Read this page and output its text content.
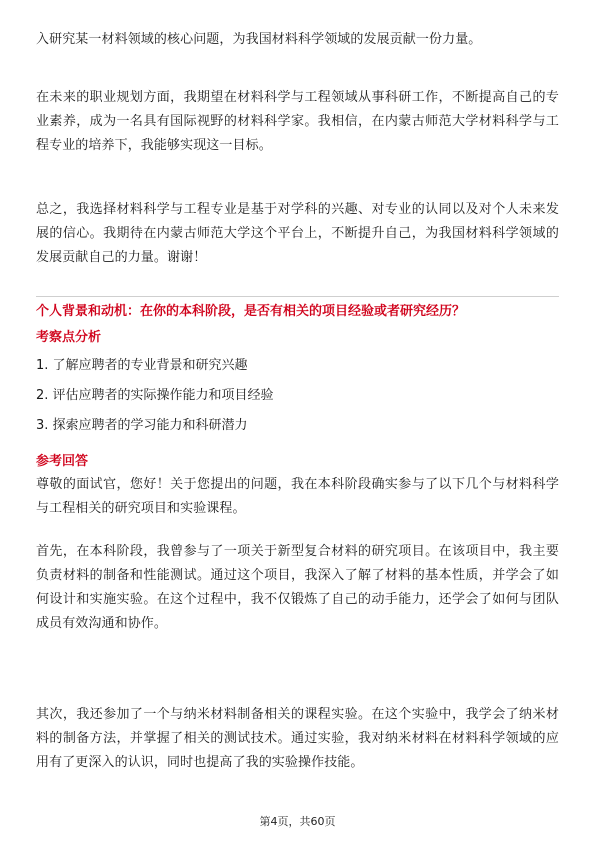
入研究某一材料领域的核心问题，为我国材料科学领域的发展贡献一份力量。

在未来的职业规划方面，我期望在材料科学与工程领域从事科研工作，不断提高自己的专业素养，成为一名具有国际视野的材料科学家。我相信，在内蒙古师范大学材料科学与工程专业的培养下，我能够实现这一目标。

总之，我选择材料科学与工程专业是基于对学科的兴趣、对专业的认同以及对个人未来发展的信心。我期待在内蒙古师范大学这个平台上，不断提升自己，为我国材料科学领域的发展贡献自己的力量。谢谢！

个人背景和动机：在你的本科阶段，是否有相关的项目经验或者研究经历？

考察点分析

1. 了解应聘者的专业背景和研究兴趣

2. 评估应聘者的实际操作能力和项目经验

3. 探索应聘者的学习能力和科研潜力

参考回答

尊敬的面试官，您好！关于您提出的问题，我在本科阶段确实参与了以下几个与材料科学与工程相关的研究项目和实验课程。

首先，在本科阶段，我曾参与了一项关于新型复合材料的研究项目。在该项目中，我主要负责材料的制备和性能测试。通过这个项目，我深入了解了材料的基本性质，并学会了如何设计和实施实验。在这个过程中，我不仅锻炼了自己的动手能力，还学会了如何与团队成员有效沟通和协作。

其次，我还参加了一个与纳米材料制备相关的课程实验。在这个实验中，我学会了纳米材料的制备方法，并掌握了相关的测试技术。通过实验，我对纳米材料在材料科学领域的应用有了更深入的认识，同时也提高了我的实验操作技能。

第4页，共60页
